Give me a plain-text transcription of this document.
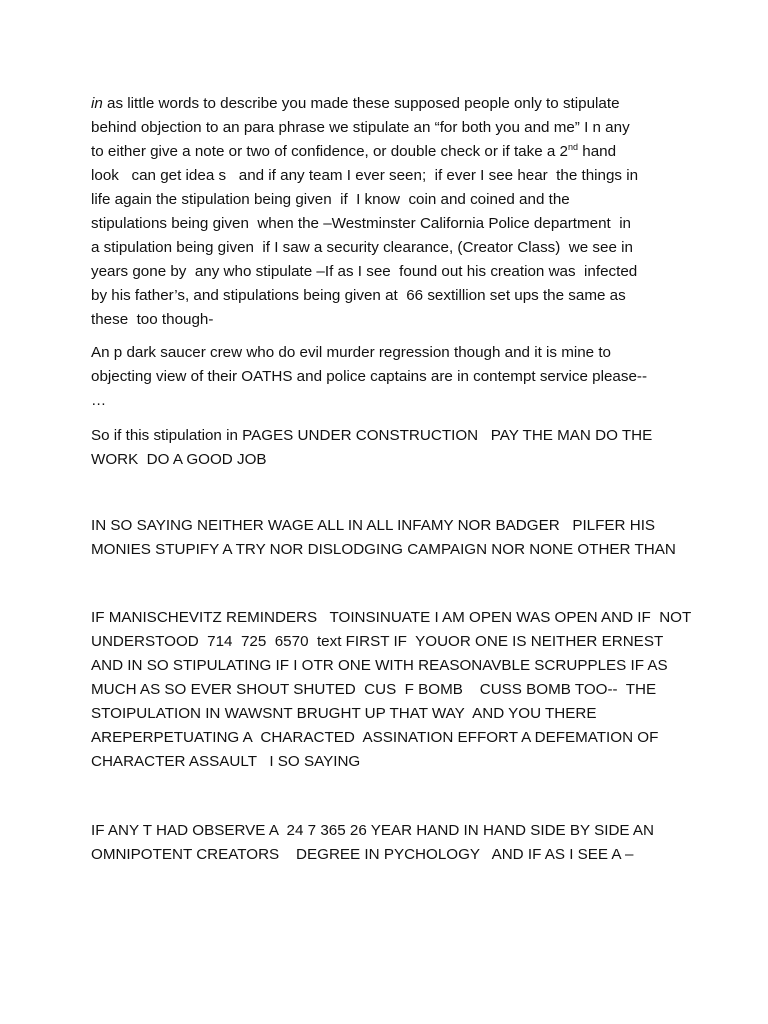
in as little words to describe you made these supposed people only to stipulate
behind objection to an para phrase we stipulate an “for both you and me” I n any
to either give a note or two of confidence, or double check or if take a 2nd hand
look   can get idea s   and if any team I ever seen;  if ever I see hear  the things in
life again the stipulation being given  if  I know  coin and coined and the
stipulations being given  when the –Westminster California Police department  in
a stipulation being given  if I saw a security clearance, (Creator Class)  we see in
years gone by  any who stipulate –If as I see  found out his creation was  infected
by his father’s, and stipulations being given at  66 sextillion set ups the same as
these  too though-
An p dark saucer crew who do evil murder regression though and it is mine to
objecting view of their OATHS and police captains are in contempt service please--
…
So if this stipulation in PAGES UNDER CONSTRUCTION   PAY THE MAN DO THE
WORK  DO A GOOD JOB
IN SO SAYING NEITHER WAGE ALL IN ALL INFAMY NOR BADGER   PILFER HIS
MONIES STUPIFY A TRY NOR DISLODGING CAMPAIGN NOR NONE OTHER THAN
IF MANISCHEVITZ REMINDERS   TOINSINUATE I AM OPEN WAS OPEN AND IF  NOT
UNDERSTOOD  714  725  6570  text FIRST IF  YOUOR ONE IS NEITHER ERNEST
AND IN SO STIPULATING IF I OTR ONE WITH REASONAVBLE SCRUPPLES IF AS
MUCH AS SO EVER SHOUT SHUTED  CUS  F BOMB    CUSS BOMB TOO--  THE
STOIPULATION IN WAWSNT BRUGHT UP THAT WAY  AND YOU THERE
AREPERPETUATING A  CHARACTED  ASSINATION EFFORT A DEFEMATION OF
CHARACTER ASSAULT   I SO SAYING
IF ANY T HAD OBSERVE A  24 7 365 26 YEAR HAND IN HAND SIDE BY SIDE AN
OMNIPOTENT CREATORS    DEGREE IN PYCHOLOGY   AND IF AS I SEE A –
